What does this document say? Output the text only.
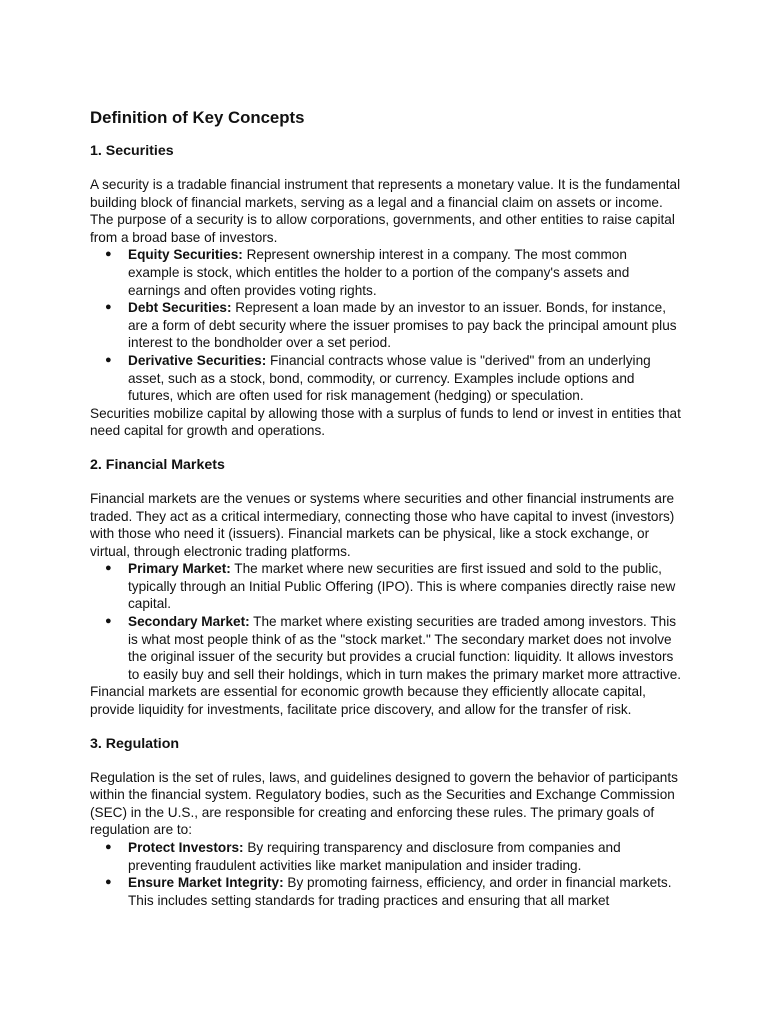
Definition of Key Concepts
1. Securities

A security is a tradable financial instrument that represents a monetary value. It is the fundamental building block of financial markets, serving as a legal and a financial claim on assets or income. The purpose of a security is to allow corporations, governments, and other entities to raise capital from a broad base of investors.

● Equity Securities: Represent ownership interest in a company. The most common example is stock, which entitles the holder to a portion of the company's assets and earnings and often provides voting rights.
● Debt Securities: Represent a loan made by an investor to an issuer. Bonds, for instance, are a form of debt security where the issuer promises to pay back the principal amount plus interest to the bondholder over a set period.
● Derivative Securities: Financial contracts whose value is "derived" from an underlying asset, such as a stock, bond, commodity, or currency. Examples include options and futures, which are often used for risk management (hedging) or speculation.

Securities mobilize capital by allowing those with a surplus of funds to lend or invest in entities that need capital for growth and operations.

2. Financial Markets

Financial markets are the venues or systems where securities and other financial instruments are traded. They act as a critical intermediary, connecting those who have capital to invest (investors) with those who need it (issuers). Financial markets can be physical, like a stock exchange, or virtual, through electronic trading platforms.

● Primary Market: The market where new securities are first issued and sold to the public, typically through an Initial Public Offering (IPO). This is where companies directly raise new capital.
● Secondary Market: The market where existing securities are traded among investors. This is what most people think of as the "stock market." The secondary market does not involve the original issuer of the security but provides a crucial function: liquidity. It allows investors to easily buy and sell their holdings, which in turn makes the primary market more attractive.

Financial markets are essential for economic growth because they efficiently allocate capital, provide liquidity for investments, facilitate price discovery, and allow for the transfer of risk.

3. Regulation

Regulation is the set of rules, laws, and guidelines designed to govern the behavior of participants within the financial system. Regulatory bodies, such as the Securities and Exchange Commission (SEC) in the U.S., are responsible for creating and enforcing these rules. The primary goals of regulation are to:

● Protect Investors: By requiring transparency and disclosure from companies and preventing fraudulent activities like market manipulation and insider trading.
● Ensure Market Integrity: By promoting fairness, efficiency, and order in financial markets. This includes setting standards for trading practices and ensuring that all market
